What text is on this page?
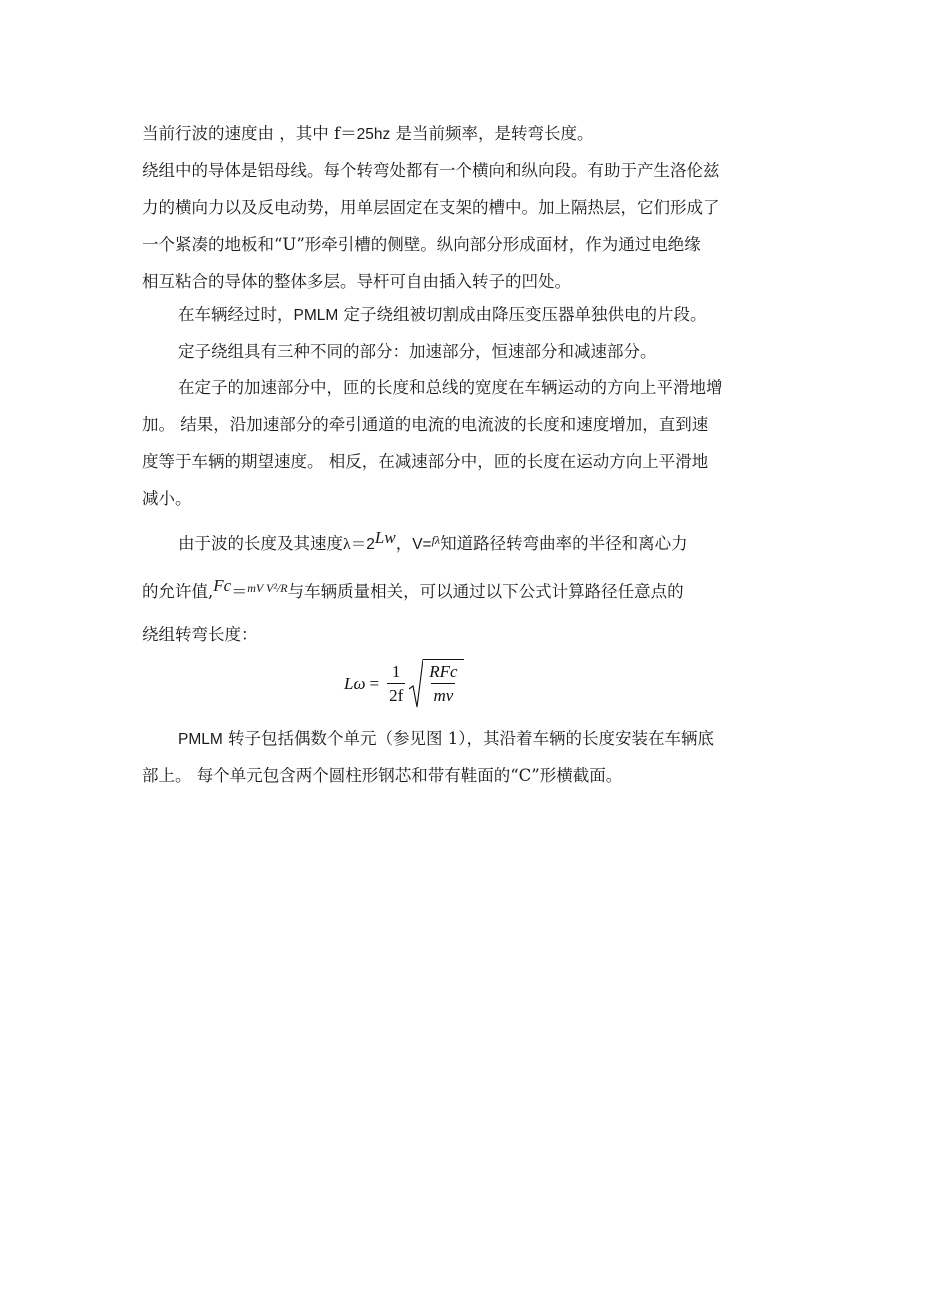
当前行波的速度由 ，其中 f＝25hz 是当前频率，是转弯长度。
绕组中的导体是铝母线。每个转弯处都有一个横向和纵向段。有助于产生洛伦兹
力的横向力以及反电动势，用单层固定在支架的槽中。加上隔热层，它们形成了
一个紧凑的地板和“U”形牵引槽的侧壁。纵向部分形成面材，作为通过电绝缘
相互粘合的导体的整体多层。导杆可自由插入转子的凹处。
在车辆经过时，PMLM 定子绕组被切割成由降压变压器单独供电的片段。
定子绕组具有三种不同的部分：加速部分，恒速部分和减速部分。
在定子的加速部分中，匝的长度和总线的宽度在车辆运动的方向上平滑地增
加。 结果，沿加速部分的牵引通道的电流的电流波的长度和速度增加，直到速
度等于车辆的期望速度。 相反，在减速部分中，匝的长度在运动方向上平滑地
减小。
由于波的长度及其速度λ＝2Lw，V=$^{f\lambda}$知道路径转弯曲率的半径和离心力
的允许值,Fc＝$^{mV V^2/R}$与车辆质量相关，可以通过以下公式计算路径任意点的
绕组转弯长度：
$L\omega = \frac{1}{2f} \frac{\text{RFc}}{mv}$
PMLM 转子包括偶数个单元（参见图 1），其沿着车辆的长度安装在车辆底
部上。 每个单元包含两个圆柱形钢芯和带有鞋面的“C”形横截面。
